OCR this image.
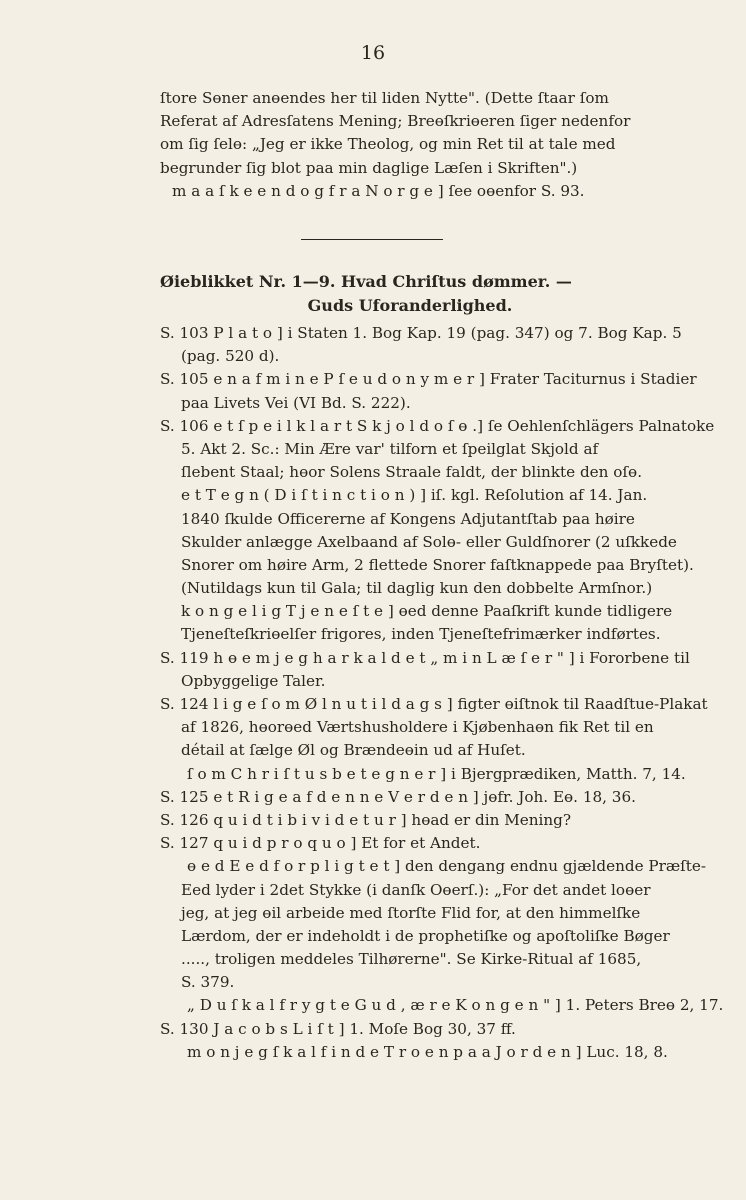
16
ſtore Sɵner anɵendes her til liden Nytte". (Dette ſtaar ſom
Referat af Adresſatens Mening; Breɵſkriɵeren ſiger nedenfor
om ſig ſelɵ: „Jeg er ikke Theolog, og min Ret til at tale med
begrunder ſig blot paa min daglige Læſen i Skriften".)
m a a ſ k e e n d o g f r a N o r g e ] ſee oɵenfor S. 93.
Øieblikket Nr. 1—9. Hvad Chriſtus dømmer. —
Guds Uforanderlighed.
S. 103 P l a t o ] i Staten 1. Bog Kap. 19 (pag. 347) og 7. Bog Kap. 5
(pag. 520 d).
S. 105 e n a f m i n e P ſ e u d o n y m e r ] Frater Taciturnus i Stadier
paa Livets Vei (VI Bd. S. 222).
S. 106 e t ſ p e i l k l a r t S k j o l d o ſ ɵ .] ſe Oehlenſchlägers Palnatoke
5. Akt 2. Sc.: Min Ære var' tilforn et ſpeilglat Skjold af
ſlebent Staal; hɵor Solens Straale faldt, der blinkte den oſɵ.
e t T e g n ( D i ſ t i n c t i o n ) ] iſ. kgl. Reſolution af 14. Jan.
1840 ſkulde Officererne af Kongens Adjutantſtab paa høire
Skulder anlægge Axelbaand af Solɵ- eller Guldſnorer (2 uſkkede
Snorer om høire Arm, 2 flettede Snorer faſtknappede paa Bryſtet).
(Nutildags kun til Gala; til daglig kun den dobbelte Armſnor.)
k o n g e l i g T j e n e ſ t e ] ɵed denne Paaſkrift kunde tidligere
Tjeneſteſkriɵelſer frigores, inden Tjeneſtefrimærker indførtes.
S. 119 h ɵ e m j e g h a r k a l d e t „ m i n L æ ſ e r " ] i Fororbene til
Opbyggelige Taler.
S. 124 l i g e ſ o m Ø l n u t i l d a g s ] figter ɵiſtnok til Raadſtue-Plakat
af 1826, hɵorɵed Værtshusholdere i Kjøbenhaɵn fik Ret til en
détail at ſælge Øl og Brændeɵin ud af Huſet.
ſ o m C h r i ſ t u s b e t e g n e r ] i Bjergprædiken, Matth. 7, 14.
S. 125 e t R i g e a f d e n n e V e r d e n ] jɵfr. Joh. Eɵ. 18, 36.
S. 126 q u i d t i b i v i d e t u r ] hɵad er din Mening?
S. 127 q u i d p r o q u o ] Et for et Andet.
ɵ e d E e d f o r p l i g t e t ] den dengang endnu gjældende Præſte-
Eed lyder i 2det Stykke (i danſk Oɵerſ.): „For det andet loɵer
jeg, at jeg ɵil arbeide med ſtorſte Flid for, at den himmelſke
Lærdom, der er indeholdt i de prophetiſke og apoſtoliſke Bøger
....., troligen meddeles Tilhørerne". Se Kirke-Ritual af 1685,
S. 379.
„ D u ſ k a l f r y g t e G u d , æ r e K o n g e n " ] 1. Peters Breɵ 2, 17.
S. 130 J a c o b s L i ſ t ] 1. Moſe Bog 30, 37 ff.
m o n j e g ſ k a l f i n d e T r o e n p a a J o r d e n ] Luc. 18, 8.
